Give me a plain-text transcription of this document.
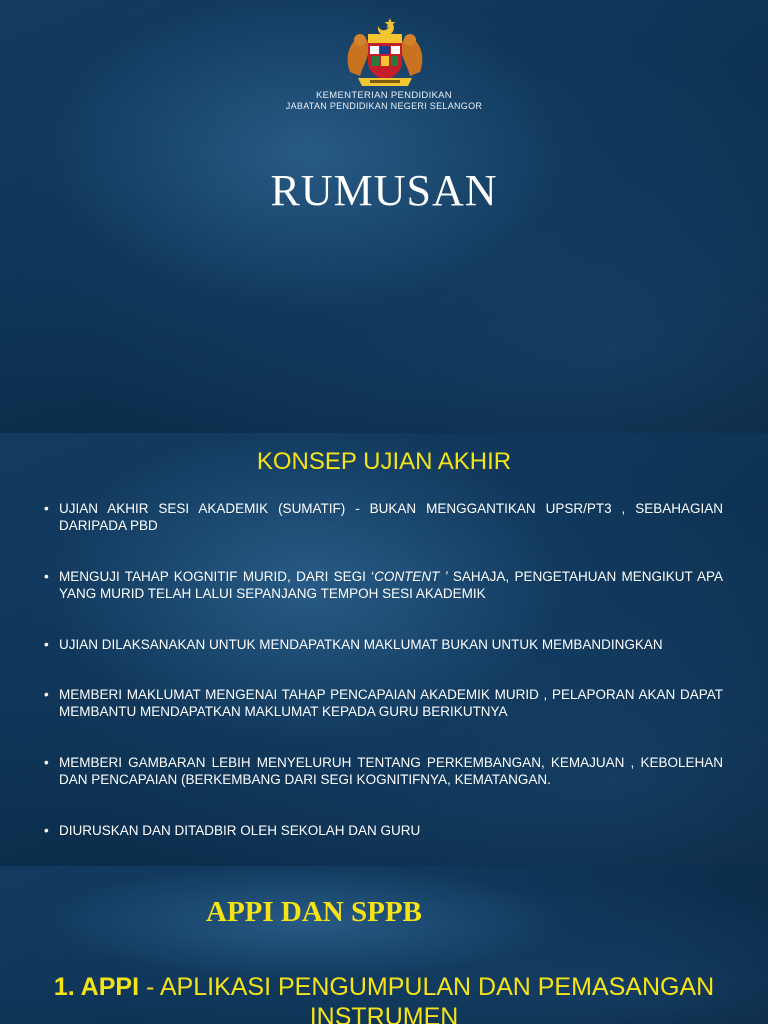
KEMENTERIAN PENDIDIKAN
JABATAN PENDIDIKAN NEGERI SELANGOR
RUMUSAN
KONSEP UJIAN AKHIR
• UJIAN AKHIR SESI AKADEMIK (SUMATIF) - BUKAN MENGGANTIKAN UPSR/PT3 , SEBAHAGIAN DARIPADA PBD
• MENGUJI TAHAP KOGNITIF MURID, DARI SEGI ‘CONTENT ’ SAHAJA, PENGETAHUAN MENGIKUT APA YANG MURID TELAH LALUI SEPANJANG TEMPOH SESI AKADEMIK
• UJIAN DILAKSANAKAN UNTUK MENDAPATKAN MAKLUMAT BUKAN UNTUK MEMBANDINGKAN
• MEMBERI MAKLUMAT MENGENAI TAHAP PENCAPAIAN AKADEMIK MURID , PELAPORAN AKAN DAPAT MEMBANTU MENDAPATKAN MAKLUMAT KEPADA GURU BERIKUTNYA
• MEMBERI GAMBARAN LEBIH MENYELURUH TENTANG PERKEMBANGAN, KEMAJUAN , KEBOLEHAN DAN PENCAPAIAN (BERKEMBANG DARI SEGI KOGNITIFNYA, KEMATANGAN.
• DIURUSKAN DAN DITADBIR OLEH SEKOLAH DAN GURU
APPI DAN SPPB
1. APPI - APLIKASI PENGUMPULAN DAN PEMASANGAN INSTRUMEN
